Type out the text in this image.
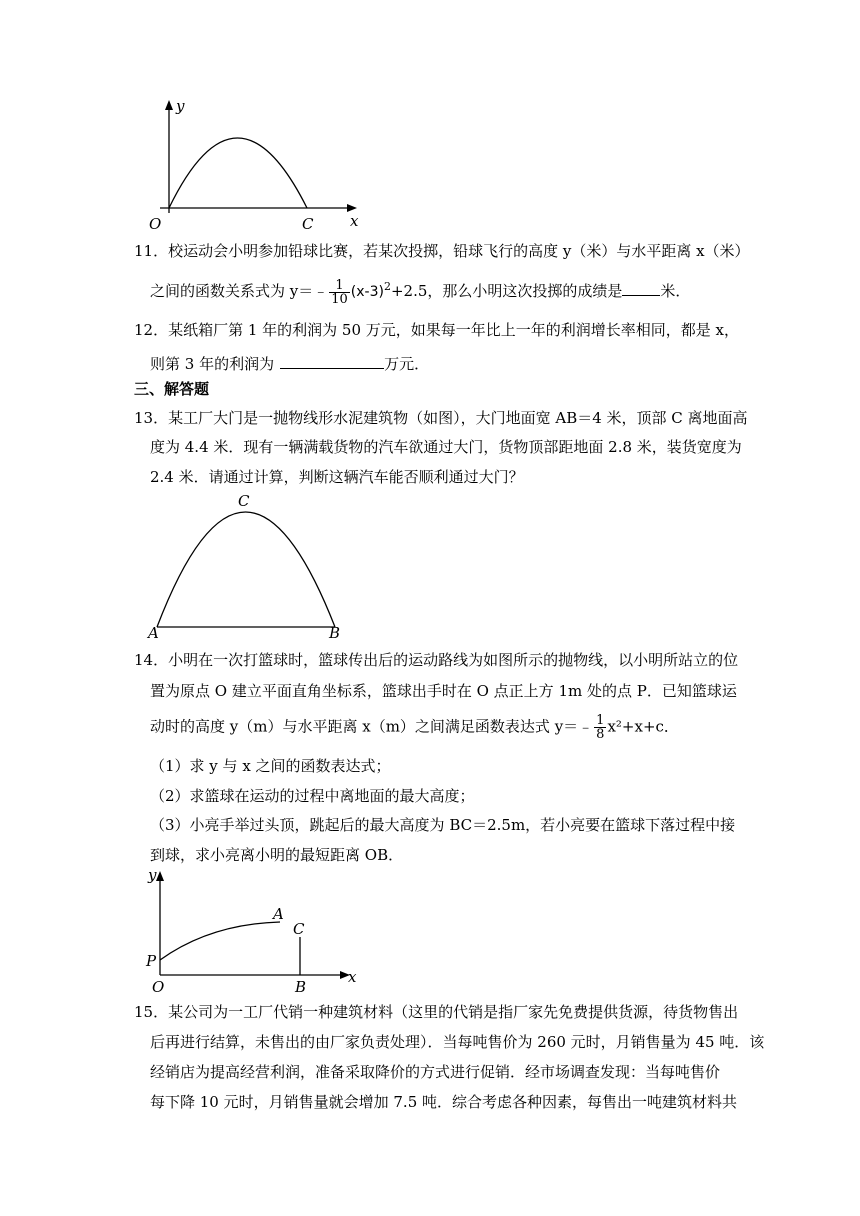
y
x
O	C
11．校运动会小明参加铅球比赛，若某次投掷，铅球飞行的高度 y（米）与水平距离 x（米）
之间的函数关系式为 y＝﹣ $\frac{1}{10} (x-3)^2+2.5$，那么小明这次投掷的成绩是	米．
12．某纸箱厂第 1 年的利润为 50 万元，如果每一年比上一年的利润增长率相同，都是 x，
则第 3 年的利润为	万元．
三、解答题
13．某工厂大门是一抛物线形水泥建筑物（如图），大门地面宽 AB＝4 米，顶部 C 离地面高
度为 4.4 米．现有一辆满载货物的汽车欲通过大门，货物顶部距地面 2.8 米，装货宽度为
2.4 米．请通过计算，判断这辆汽车能否顺利通过大门？
C
A	B
14．小明在一次打篮球时，篮球传出后的运动路线为如图所示的抛物线，以小明所站立的位
置为原点 O 建立平面直角坐标系，篮球出手时在 O 点正上方 1m 处的点 P．已知篮球运
动时的高度 y（m）与水平距离 x（m）之间满足函数表达式 y＝﹣ $\frac{1}{8} x^2+x+c$．
（1）求 y 与 x 之间的函数表达式；
（2）求篮球在运动的过程中离地面的最大高度；
（3）小亮手举过头顶，跳起后的最大高度为 BC＝2.5m，若小亮要在篮球下落过程中接
到球，求小亮离小明的最短距离 OB．
y
x
P
O
A
C
B
15．某公司为一工厂代销一种建筑材料（这里的代销是指厂家先免费提供货源，待货物售出
后再进行结算，未售出的由厂家负责处理）．当每吨售价为 260 元时，月销售量为 45 吨．该
经销店为提高经营利润，准备采取降价的方式进行促销．经市场调查发现：当每吨售价
每下降 10 元时，月销售量就会增加 7.5 吨．综合考虑各种因素，每售出一吨建筑材料共
